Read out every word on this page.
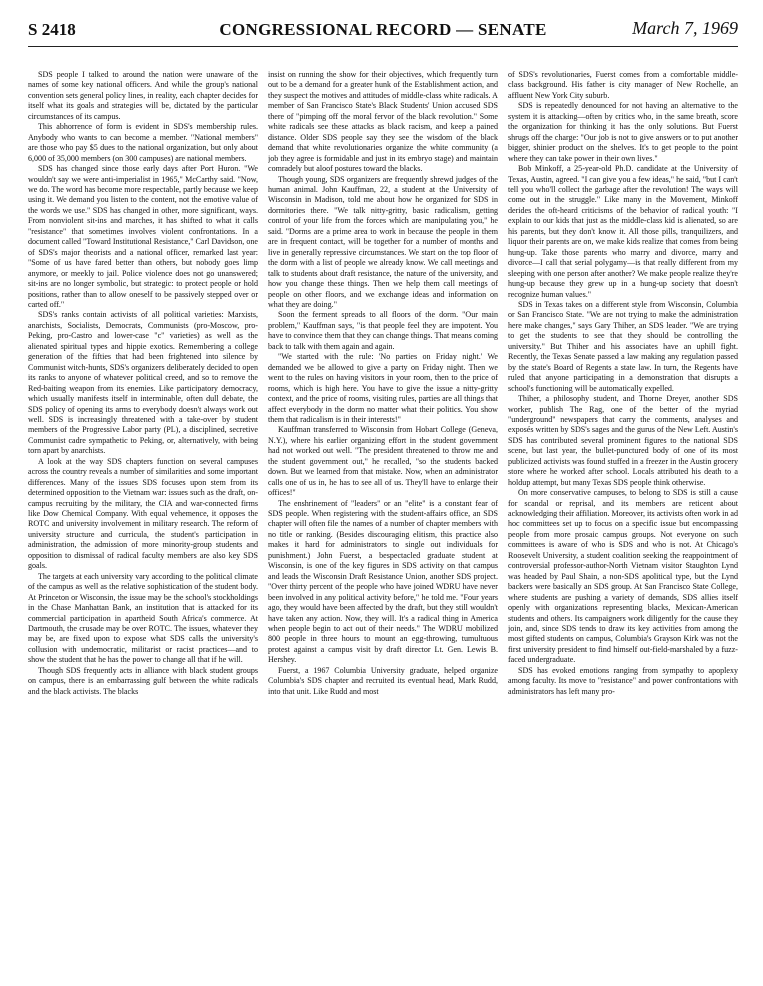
S 2418	CONGRESSIONAL RECORD — SENATE	March 7, 1969

SDS people I talked to around the nation were unaware of the names of some key national officers. And while the group's national convention sets general policy lines, in reality, each chapter decides for itself what its goals and strategies will be, dictated by the particular circumstances of its campus.

This abhorrence of form is evident in SDS's membership rules. Anybody who wants to can become a member. "National members" are those who pay $5 dues to the national organization, but only about 6,000 of 35,000 members (on 300 campuses) are national members.

SDS has changed since those early days after Port Huron. "We wouldn't say we were anti-imperialist in 1965," McCarthy said. "Now, we do. The word has become more respectable, partly because we keep using it. We demand you listen to the content, not the emotive value of the words we use." SDS has changed in other, more significant, ways. From nonviolent sit-ins and marches, it has shifted to what it calls "resistance" that sometimes involves violent confrontations. In a document called "Toward Institutional Resistance," Carl Davidson, one of SDS's major theorists and a national officer, remarked last year: "Some of us have fared better than others, but nobody goes limp anymore, or meekly to jail. Police violence does not go unanswered; sit-ins are no longer symbolic, but strategic: to protect people or hold positions, rather than to allow oneself to be passively stepped over or carted off."

SDS's ranks contain activists of all political varieties: Marxists, anarchists, Socialists, Democrats, Communists (pro-Moscow, pro-Peking, pro-Castro and lower-case "c" varieties) as well as the alienated spiritual types and hippie exotics. Remembering a college generation of the fifties that had been frightened into silence by Communist witch-hunts, SDS's organizers deliberately decided to open its ranks to anyone of whatever political creed, and so to remove the Red-baiting weapon from its enemies. Like participatory democracy, which usually manifests itself in interminable, often dull debate, the SDS policy of opening its arms to everybody doesn't always work out well. SDS is increasingly threatened with a take-over by student members of the Progressive Labor party (PL), a disciplined, secretive Communist cadre sympathetic to Peking, or, alternatively, with being torn apart by anarchists.

A look at the way SDS chapters function on several campuses across the country reveals a number of similarities and some important differences. Many of the issues SDS focuses upon stem from its determined opposition to the Vietnam war: issues such as the draft, on-campus recruiting by the military, the CIA and war-connected firms like Dow Chemical Company. With equal vehemence, it opposes the ROTC and university involvement in military research. The reform of university structure and curricula, the student's participation in administration, the admission of more minority-group students and opposition to dismissal of radical faculty members are also key SDS goals.

The targets at each university vary according to the political climate of the campus as well as the relative sophistication of the student body. At Princeton or Wisconsin, the issue may be the school's stockholdings in the Chase Manhattan Bank, an institution that is attacked for its commercial participation in apartheid South Africa's commerce. At Dartmouth, the crusade may be over ROTC. The issues, whatever they may be, are fixed upon to expose what SDS calls the university's collusion with undemocratic, militarist or racist practices—and to show the student that he has the power to change all that if he will.

Though SDS frequently acts in alliance with black student groups on campus, there is an embarrassing gulf between the white radicals and the black activists. The blacks

insist on running the show for their objectives, which frequently turn out to be a demand for a greater hunk of the Establishment action, and they suspect the motives and attitudes of middle-class white radicals. A member of San Francisco State's Black Students' Union accused SDS there of "pimping off the moral fervor of the black revolution." Some white radicals see these attacks as black racism, and keep a pained distance. Older SDS people say they see the wisdom of the black demand that white revolutionaries organize the white community (a job they agree is formidable and just in its embryo stage) and maintain comradely but aloof postures toward the blacks.

Though young, SDS organizers are frequently shrewd judges of the human animal. John Kauffman, 22, a student at the University of Wisconsin in Madison, told me about how he organized for SDS in dormitories there. "We talk nitty-gritty, basic radicalism, getting control of your life from the forces which are manipulating you," he said. "Dorms are a prime area to work in because the people in them are in frequent contact, will be together for a number of months and live in generally repressive circumstances. We start on the top floor of the dorm with a list of people we already know. We call meetings and talk to students about draft resistance, the nature of the university, and how you change these things. Then we help them call meetings of people on other floors, and we exchange ideas and information on what they are doing."

Soon the ferment spreads to all floors of the dorm. "Our main problem," Kauffman says, "is that people feel they are impotent. You have to convince them that they can change things. That means coming back to talk with them again and again.

"We started with the rule: 'No parties on Friday night.' We demanded we be allowed to give a party on Friday night. Then we went to the rules on having visitors in your room, then to the price of rooms, which is high here. You have to give the issue a nitty-gritty context, and the price of rooms, visiting rules, parties are all things that affect everybody in the dorm no matter what their politics. You show them that radicalism is in their interests!"

Kauffman transferred to Wisconsin from Hobart College (Geneva, N.Y.), where his earlier organizing effort in the student government had not worked out well. "The president threatened to throw me and the student government out," he recalled, "so the students backed down. But we learned from that mistake. Now, when an administrator calls one of us in, he has to see all of us. They'll have to enlarge their offices!"

The enshrinement of "leaders" or an "elite" is a constant fear of SDS people. When registering with the student-affairs office, an SDS chapter will often file the names of a number of chapter members with no title or ranking. (Besides discouraging elitism, this practice also makes it hard for administrators to single out individuals for punishment.) John Fuerst, a bespectacled graduate student at Wisconsin, is one of the key figures in SDS activity on that campus and leads the Wisconsin Draft Resistance Union, another SDS project. "Over thirty percent of the people who have joined WDRU have never been involved in any political activity before," he told me. "Four years ago, they would have been affected by the draft, but they still wouldn't have taken any action. Now, they will. It's a radical thing in America when people begin to act out of their needs." The WDRU mobilized 800 people in three hours to mount an egg-throwing, tumultuous protest against a campus visit by draft director Lt. Gen. Lewis B. Hershey.

Fuerst, a 1967 Columbia University graduate, helped organize Columbia's SDS chapter and recruited its eventual head, Mark Rudd, into that unit. Like Rudd and most

of SDS's revolutionaries, Fuerst comes from a comfortable middle-class background. His father is city manager of New Rochelle, an affluent New York City suburb.

SDS is repeatedly denounced for not having an alternative to the system it is attacking—often by critics who, in the same breath, score the organization for thinking it has the only solutions. But Fuerst shrugs off the charge: "Our job is not to give answers or to put another bigger, shinier product on the shelves. It's to get people to the point where they can take power in their own lives."

Bob Minkoff, a 25-year-old Ph.D. candidate at the University of Texas, Austin, agreed. "I can give you a few ideas," he said, "but I can't tell you who'll collect the garbage after the revolution! The ways will come out in the struggle." Like many in the Movement, Minkoff derides the oft-heard criticisms of the behavior of radical youth: "I explain to our kids that just as the middle-class kid is alienated, so are his parents, but they don't know it. All those pills, tranquilizers, and liquor their parents are on, we make kids realize that comes from being hung-up. Take those parents who marry and divorce, marry and divorce—I call that serial polygamy—is that really different from my sleeping with one person after another? We make people realize they're hung-up because they grew up in a hung-up society that doesn't recognize human values."

SDS in Texas takes on a different style from Wisconsin, Columbia or San Francisco State. "We are not trying to make the administration here make changes," says Gary Thiher, an SDS leader. "We are trying to get the students to see that they should be controlling the university." But Thiher and his associates have an uphill fight. Recently, the Texas Senate passed a law making any regulation passed by the state's Board of Regents a state law. In turn, the Regents have ruled that anyone participating in a demonstration that disrupts a school's functioning will be automatically expelled.

Thiher, a philosophy student, and Thorne Dreyer, another SDS worker, publish The Rag, one of the better of the myriad "underground" newspapers that carry the comments, analyses and exposés written by SDS's sages and the gurus of the New Left. Austin's SDS has contributed several prominent figures to the national SDS scene, but last year, the bullet-punctured body of one of its most publicized activists was found stuffed in a freezer in the Austin grocery store where he worked after school. Locals attributed his death to a holdup attempt, but many Texas SDS people think otherwise.

On more conservative campuses, to belong to SDS is still a cause for scandal or reprisal, and its members are reticent about acknowledging their affiliation. Moreover, its activists often work in ad hoc committees set up to focus on a specific issue but encompassing people from more prosaic campus groups. Not everyone on such committees is aware of who is SDS and who is not. At Chicago's Roosevelt University, a student coalition seeking the reappointment of controversial professor-author-North Vietnam visitor Staughton Lynd was headed by Paul Shain, a non-SDS apolitical type, but the Lynd backers were basically an SDS group. At San Francisco State College, where students are pushing a variety of demands, SDS allies itself openly with organizations representing blacks, Mexican-American students and others. Its campaigners work diligently for the cause they join, and, since SDS tends to draw its key activities from among the most gifted students on campus, Columbia's Grayson Kirk was not the first university president to find himself out-field-marshaled by a fuzz-faced undergraduate.

SDS has evoked emotions ranging from sympathy to apoplexy among faculty. Its move to "resistance" and power confrontations with administrators has left many pro-
